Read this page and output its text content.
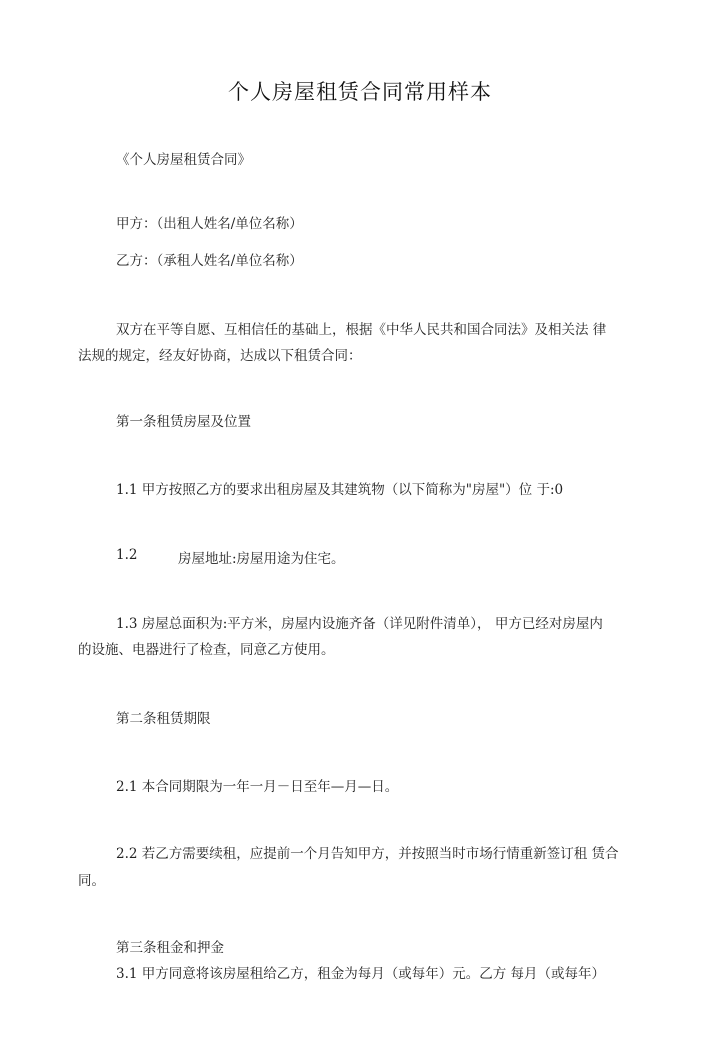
个人房屋租赁合同常用样本
《个人房屋租赁合同》
甲方：（出租人姓名/单位名称）
乙方：（承租人姓名/单位名称）
双方在平等自愿、互相信任的基础上，根据《中华人民共和国合同法》及相关法 律
法规的规定，经友好协商，达成以下租赁合同：
第一条租赁房屋及位置
1.1 甲方按照乙方的要求出租房屋及其建筑物（以下简称为"房屋"）位 于:0
1.2	房屋地址:房屋用途为住宅。
1.3 房屋总面积为:平方米，房屋内设施齐备（详见附件清单）， 甲方已经对房屋内
的设施、电器进行了检查，同意乙方使用。
第二条租赁期限
2.1 本合同期限为一年一月－日至年—月—日。
2.2 若乙方需要续租，应提前一个月告知甲方，并按照当时市场行情重新签订租 赁合
同。
第三条租金和押金
3.1 甲方同意将该房屋租给乙方，租金为每月（或每年）元。乙方 每月（或每年）
